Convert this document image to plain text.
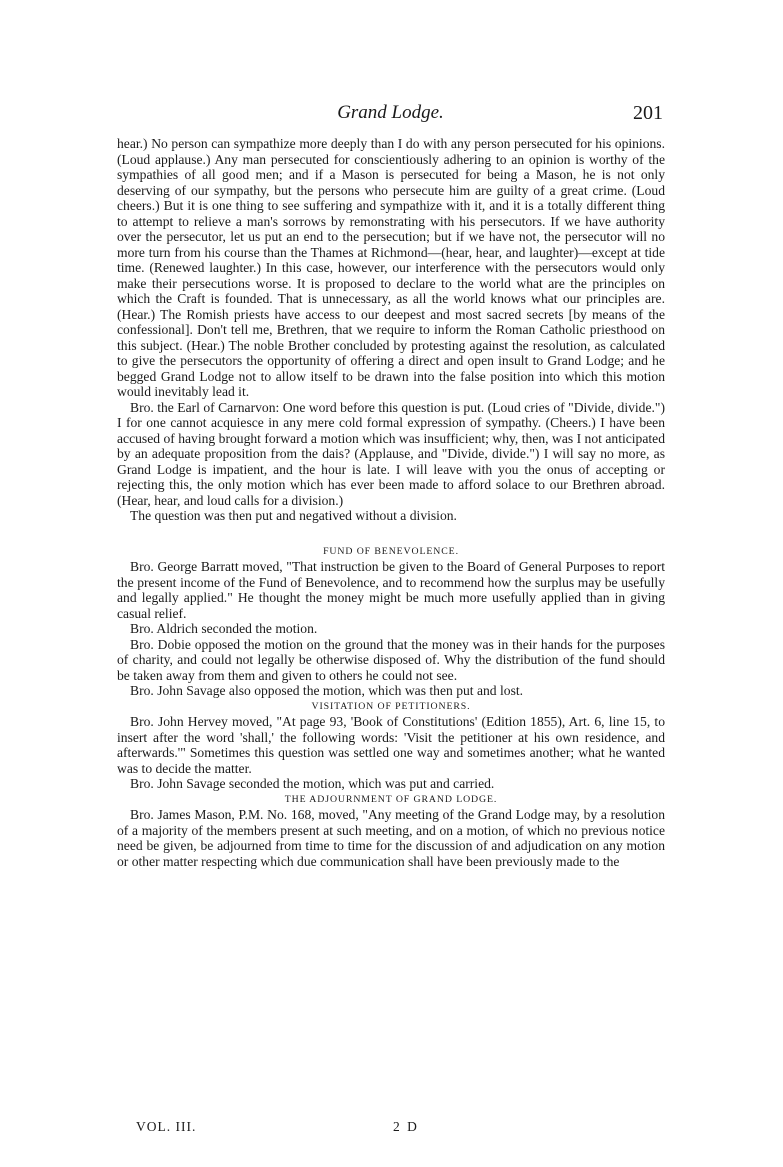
Grand Lodge.	201

hear.) No person can sympathize more deeply than I do with any person persecuted for his opinions. (Loud applause.) Any man persecuted for conscientiously adhering to an opinion is worthy of the sympathies of all good men; and if a Mason is persecuted for being a Mason, he is not only deserving of our sympathy, but the persons who persecute him are guilty of a great crime. (Loud cheers.) But it is one thing to see suffering and sympathize with it, and it is a totally different thing to attempt to relieve a man's sorrows by remonstrating with his persecutors. If we have authority over the persecutor, let us put an end to the persecution; but if we have not, the persecutor will no more turn from his course than the Thames at Richmond—(hear, hear, and laughter)—except at tide time. (Renewed laughter.) In this case, however, our interference with the persecutors would only make their persecutions worse. It is proposed to declare to the world what are the principles on which the Craft is founded. That is unnecessary, as all the world knows what our principles are. (Hear.) The Romish priests have access to our deepest and most sacred secrets [by means of the confessional]. Don't tell me, Brethren, that we require to inform the Roman Catholic priesthood on this subject. (Hear.) The noble Brother concluded by protesting against the resolution, as calculated to give the persecutors the opportunity of offering a direct and open insult to Grand Lodge; and he begged Grand Lodge not to allow itself to be drawn into the false position into which this motion would inevitably lead it.

Bro. the Earl of Carnarvon: One word before this question is put. (Loud cries of "Divide, divide.") I for one cannot acquiesce in any mere cold formal expression of sympathy. (Cheers.) I have been accused of having brought forward a motion which was insufficient; why, then, was I not anticipated by an adequate proposition from the dais? (Applause, and "Divide, divide.") I will say no more, as Grand Lodge is impatient, and the hour is late. I will leave with you the onus of accepting or rejecting this, the only motion which has ever been made to afford solace to our Brethren abroad. (Hear, hear, and loud calls for a division.)

The question was then put and negatived without a division.

FUND OF BENEVOLENCE.

Bro. George Barratt moved, "That instruction be given to the Board of General Purposes to report the present income of the Fund of Benevolence, and to recommend how the surplus may be usefully and legally applied." He thought the money might be much more usefully applied than in giving casual relief.

Bro. Aldrich seconded the motion.

Bro. Dobie opposed the motion on the ground that the money was in their hands for the purposes of charity, and could not legally be otherwise disposed of. Why the distribution of the fund should be taken away from them and given to others he could not see.

Bro. John Savage also opposed the motion, which was then put and lost.

VISITATION OF PETITIONERS.

Bro. John Hervey moved, "At page 93, 'Book of Constitutions' (Edition 1855), Art. 6, line 15, to insert after the word 'shall,' the following words: 'Visit the petitioner at his own residence, and afterwards.'" Sometimes this question was settled one way and sometimes another; what he wanted was to decide the matter.

Bro. John Savage seconded the motion, which was put and carried.

THE ADJOURNMENT OF GRAND LODGE.

Bro. James Mason, P.M. No. 168, moved, "Any meeting of the Grand Lodge may, by a resolution of a majority of the members present at such meeting, and on a motion, of which no previous notice need be given, be adjourned from time to time for the discussion of and adjudication on any motion or other matter respecting which due communication shall have been previously made to the

VOL. III.	2 D
